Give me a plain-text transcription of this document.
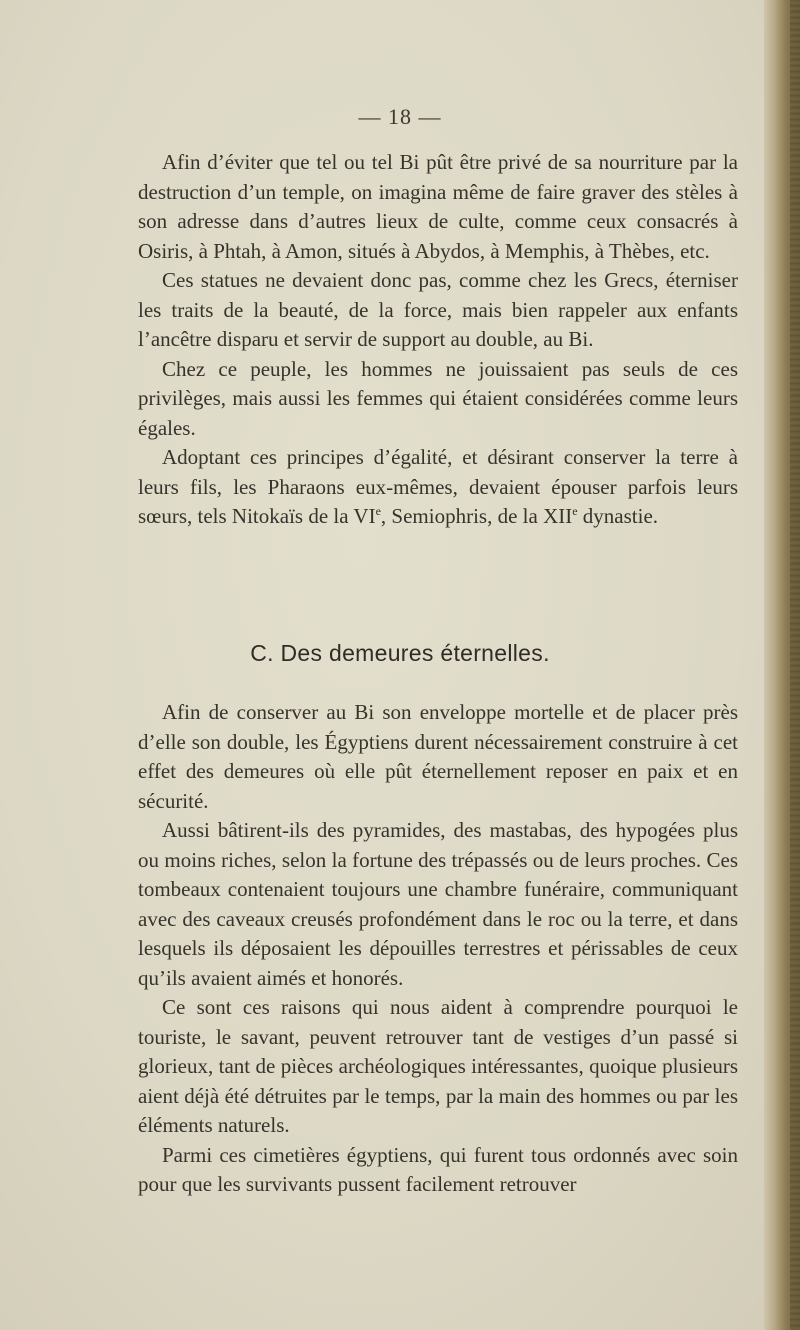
— 18 —

Afin d’éviter que tel ou tel Bi pût être privé de sa nourriture par la destruction d’un temple, on imagina même de faire graver des stèles à son adresse dans d’autres lieux de culte, comme ceux consacrés à Osiris, à Phtah, à Amon, situés à Abydos, à Memphis, à Thèbes, etc.

Ces statues ne devaient donc pas, comme chez les Grecs, éterniser les traits de la beauté, de la force, mais bien rappeler aux enfants l’ancêtre disparu et servir de support au double, au Bi.

Chez ce peuple, les hommes ne jouissaient pas seuls de ces privilèges, mais aussi les femmes qui étaient considérées comme leurs égales.

Adoptant ces principes d’égalité, et désirant conserver la terre à leurs fils, les Pharaons eux-mêmes, devaient épouser parfois leurs sœurs, tels Nitokaïs de la VIe, Semiophris, de la XIIe dynastie.

C. Des demeures éternelles.

Afin de conserver au Bi son enveloppe mortelle et de placer près d’elle son double, les Égyptiens durent nécessairement construire à cet effet des demeures où elle pût éternellement reposer en paix et en sécurité.

Aussi bâtirent-ils des pyramides, des mastabas, des hypogées plus ou moins riches, selon la fortune des trépassés ou de leurs proches. Ces tombeaux contenaient toujours une chambre funéraire, communiquant avec des caveaux creusés profondément dans le roc ou la terre, et dans lesquels ils déposaient les dépouilles terrestres et périssables de ceux qu’ils avaient aimés et honorés.

Ce sont ces raisons qui nous aident à comprendre pourquoi le touriste, le savant, peuvent retrouver tant de vestiges d’un passé si glorieux, tant de pièces archéologiques intéressantes, quoique plusieurs aient déjà été détruites par le temps, par la main des hommes ou par les éléments naturels.

Parmi ces cimetières égyptiens, qui furent tous ordonnés avec soin pour que les survivants pussent facilement retrouver
